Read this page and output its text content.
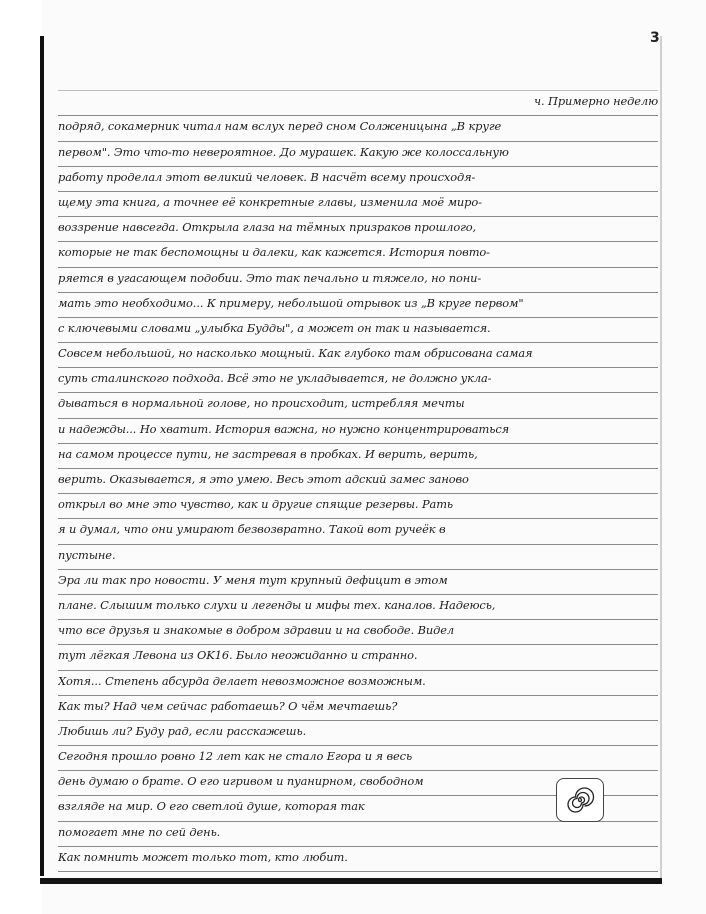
3
ч. Примерно неделю
подряд, сокамерник читал нам вслух перед сном Солженицына „В круге
первом". Это что-то невероятное. До мурашек. Какую же колоссальную
работу проделал этот великий человек. В насчёт всему происходя-
щему эта книга, а точнее её конкретные главы, изменила моё миро-
воззрение навсегда. Открыла глаза на тёмных призраков прошлого,
которые не так беспомощны и далеки, как кажется. История повто-
ряется в угасающем подобии. Это так печально и тяжело, но пони-
мать это необходимо... К примеру, небольшой отрывок из „В круге первом"
с ключевыми словами „улыбка Будды", а может он так и называется.
Совсем небольшой, но насколько мощный. Как глубоко там обрисована самая
суть сталинского подхода. Всё это не укладывается, не должно укла-
дываться в нормальной голове, но происходит, истребляя мечты
и надежды... Но хватит. История важна, но нужно концентрироваться
на самом процессе пути, не застревая в пробках. И верить, верить,
верить. Оказывается, я это умею. Весь этот адский замес заново
открыл во мне это чувство, как и другие спящие резервы. Рать
я и думал, что они умирают безвозвратно. Такой вот ручеёк в
пустыне.
Эра ли так про новости. У меня тут крупный дефицит в этом
плане. Слышим только слухи и легенды и мифы тех. каналов. Надеюсь,
что все друзья и знакомые в добром здравии и на свободе. Видел
тут лёгкая Левона из OK16. Было неожиданно и странно.
Хотя... Степень абсурда делает невозможное возможным.
Как ты? Над чем сейчас работаешь? О чём мечтаешь?
Любишь ли? Буду рад, если расскажешь.
Сегодня прошло ровно 12 лет как не стало Егора и я весь
день думаю о брате. О его игривом и пуанирном, свободном
взгляде на мир. О его светлой душе, которая так
помогает мне по сей день.
Как помнить может только тот, кто любит.
